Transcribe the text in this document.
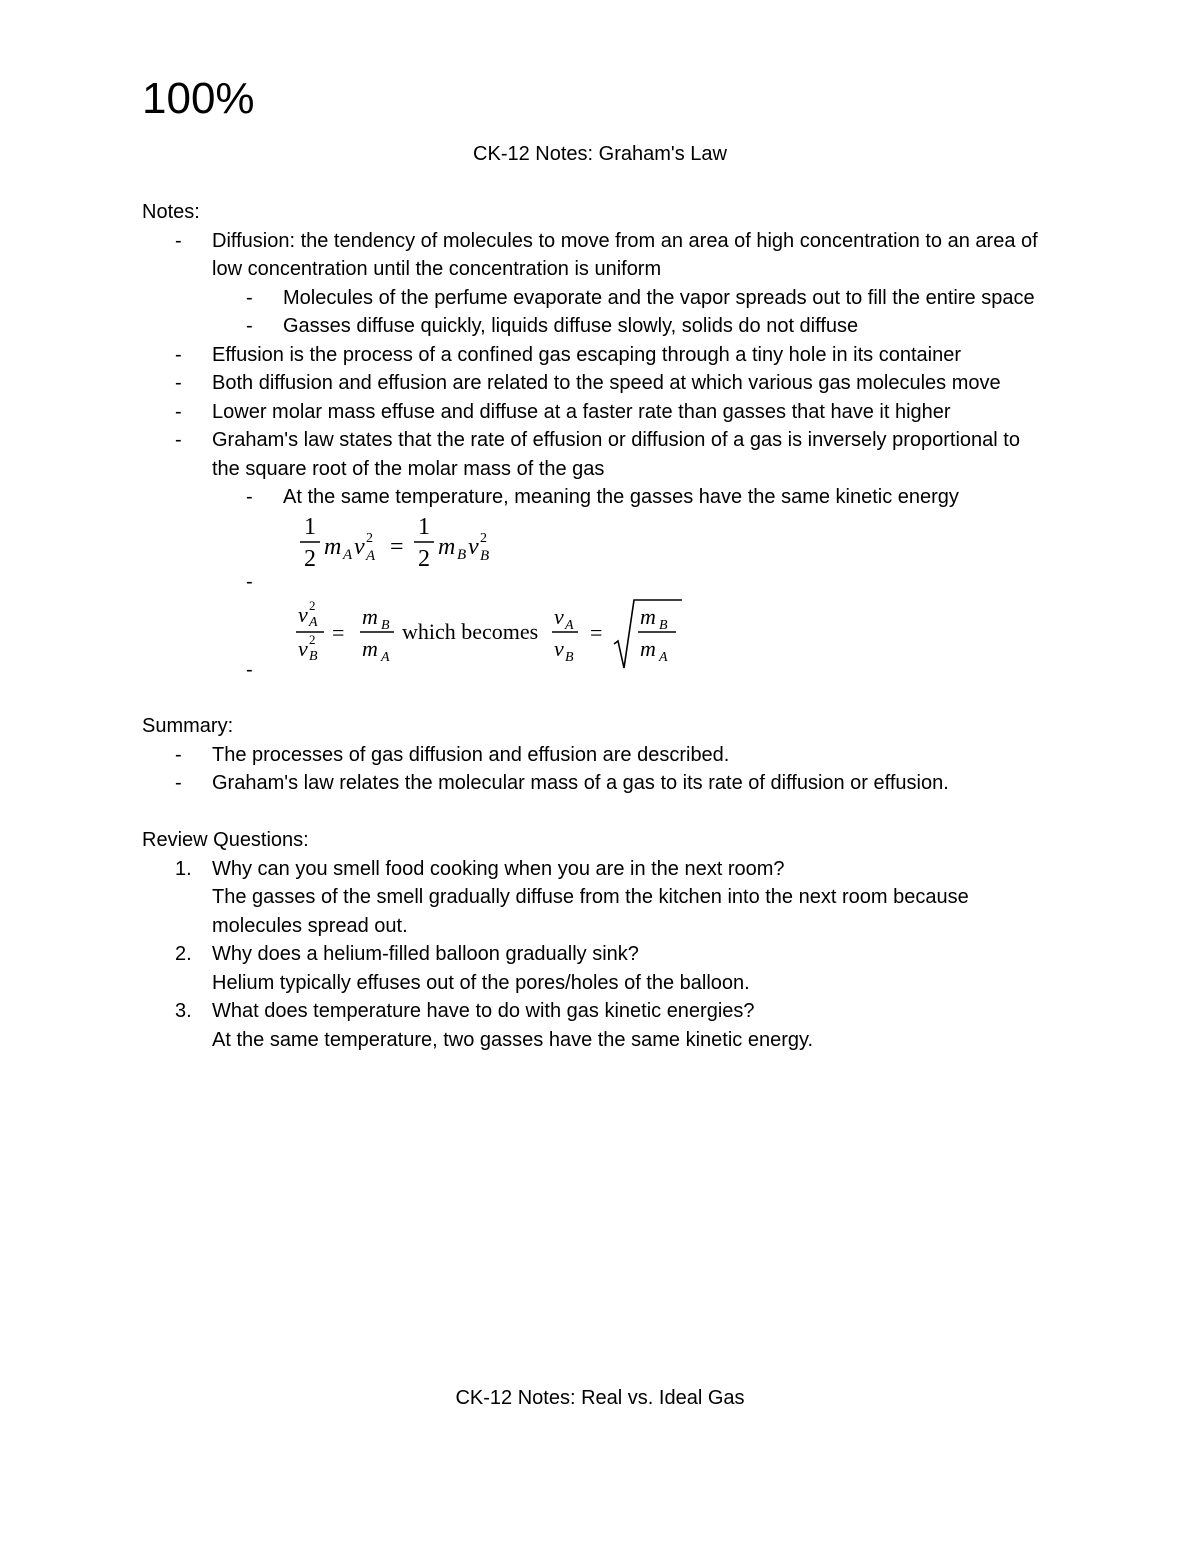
100%
CK-12 Notes: Graham's Law
Notes:
- Diffusion: the tendency of molecules to move from an area of high concentration to an area of low concentration until the concentration is uniform
- Molecules of the perfume evaporate and the vapor spreads out to fill the entire space
- Gasses diffuse quickly, liquids diffuse slowly, solids do not diffuse
- Effusion is the process of a confined gas escaping through a tiny hole in its container
- Both diffusion and effusion are related to the speed at which various gas molecules move
- Lower molar mass effuse and diffuse at a faster rate than gasses that have it higher
- Graham's law states that the rate of effusion or diffusion of a gas is inversely proportional to the square root of the molar mass of the gas
- At the same temperature, meaning the gasses have the same kinetic energy
-
1
2 m A v 2
A =
1
2 m B v 2
B
-
v 2
A
v 2
B
=
m B
m A
which becomes
v A
v B
=
m B
m A
Summary:
- The processes of gas diffusion and effusion are described.
- Graham's law relates the molecular mass of a gas to its rate of diffusion or effusion.
Review Questions:
1. Why can you smell food cooking when you are in the next room?
The gasses of the smell gradually diffuse from the kitchen into the next room because molecules spread out.
2. Why does a helium-filled balloon gradually sink?
Helium typically effuses out of the pores/holes of the balloon.
3. What does temperature have to do with gas kinetic energies?
At the same temperature, two gasses have the same kinetic energy.
CK-12 Notes: Real vs. Ideal Gas
